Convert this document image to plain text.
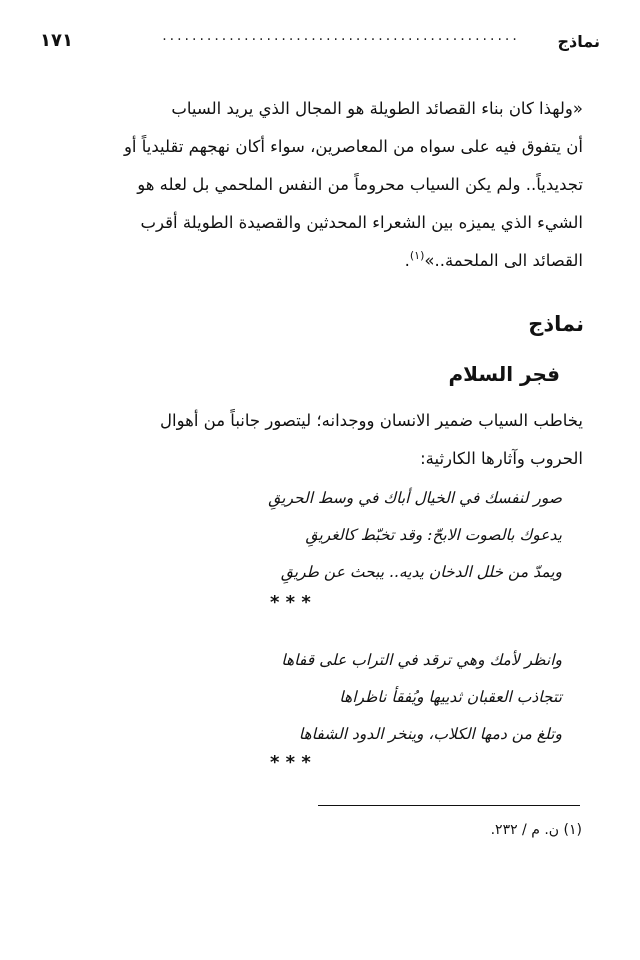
نماذج
................................................
١٧١
«ولهذا كان بناء القصائد الطويلة هو المجال الذي يريد السياب
أن يتفوق فيه على سواه من المعاصرين، سواء أكان نهجهم تقليدياً أو
تجديدياً.. ولم يكن السياب محروماً من النفس الملحمي بل لعله هو
الشيء الذي يميزه بين الشعراء المحدثين والقصيدة الطويلة أقرب
القصائد الى الملحمة..»$^{(١)}$.
نماذج
فجر السلام
يخاطب السياب ضمير الانسان ووجدانه؛ ليتصور جانباً من أهوال
الحروب وآثارها الكارثية:
صور لنفسك في الخيال أباك في وسط الحريقِ
يدعوك بالصوت الابحّ: وقد تخبّط كالغريقِ
ويمدّ من خلل الدخان يديه.. يبحث عن طريقِ
* * *
وانظر لأمك وهي ترقد في التراب على قفاها
تتجاذب العقبان ثدييها ويُفقأ ناظراها
وتلغ من دمها الكلاب، وينخر الدود الشفاها
* * *
(١) ن. م / ٢٣٢.
